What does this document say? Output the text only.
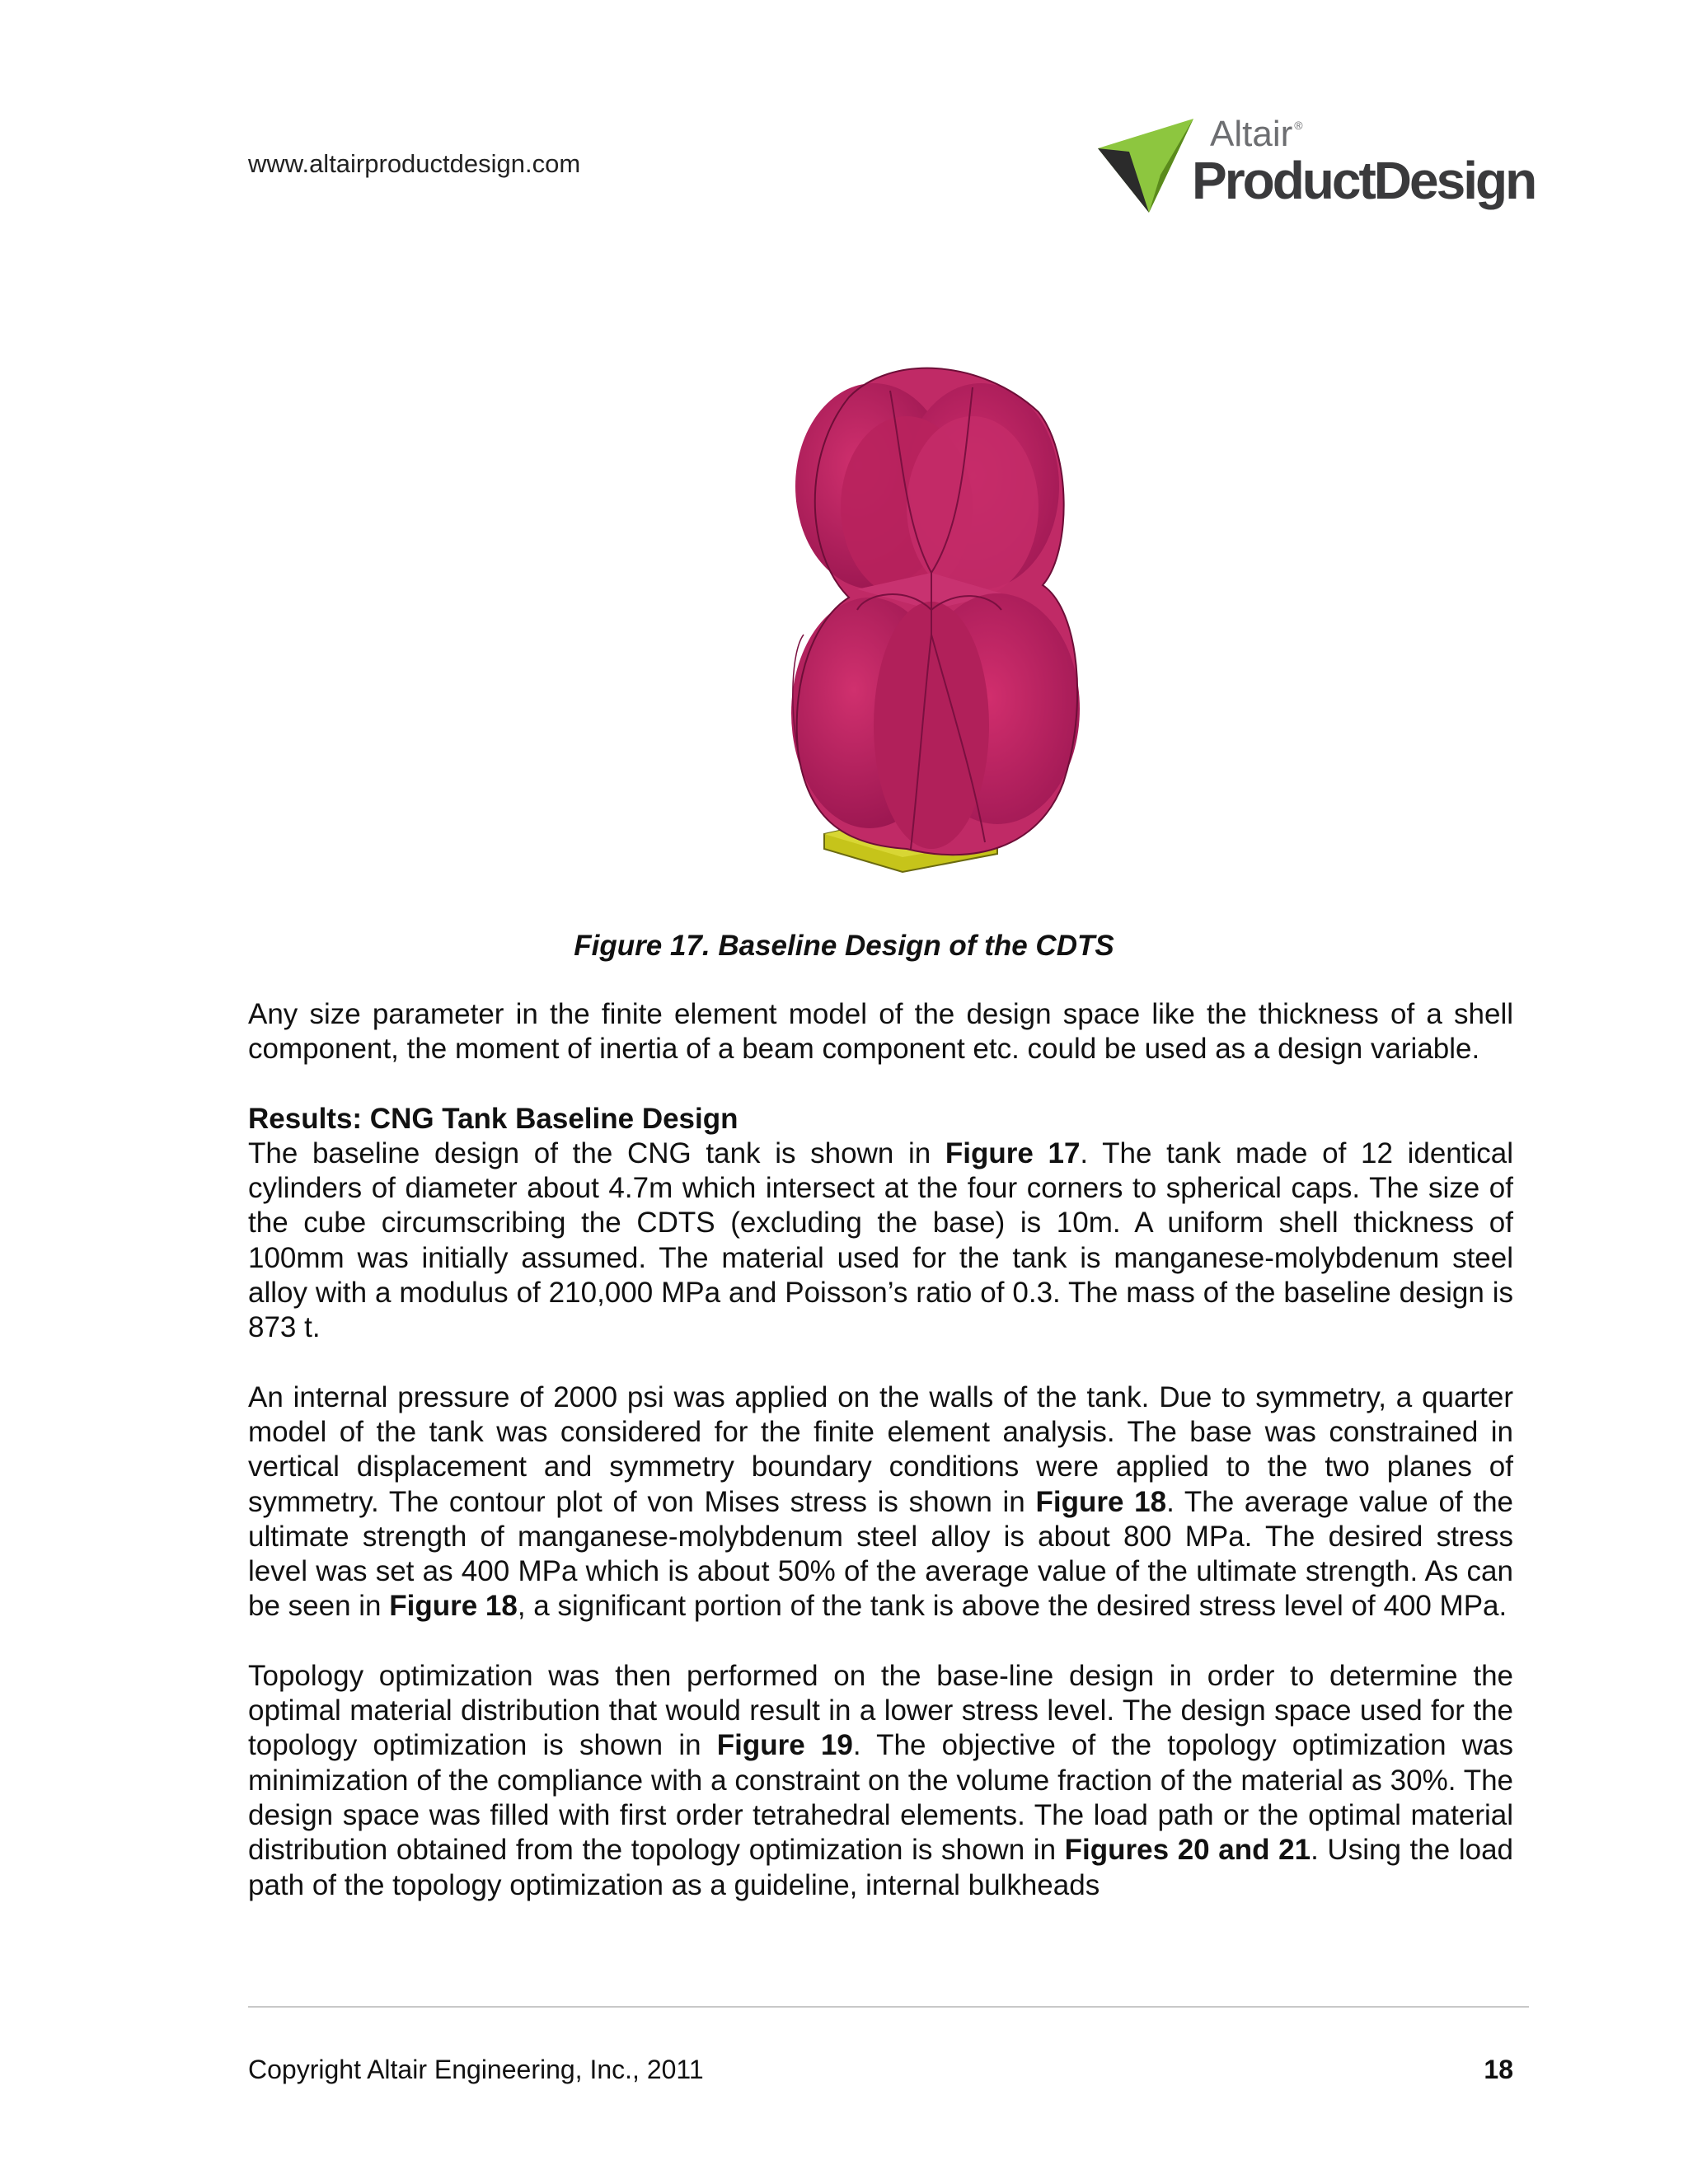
www.altairproductdesign.com
Altair ®
ProductDesign
Figure 17. Baseline Design of the CDTS

Any size parameter in the finite element model of the design space like the thickness of a shell component, the moment of inertia of a beam component etc. could be used as a design variable.

Results: CNG Tank Baseline Design

The baseline design of the CNG tank is shown in Figure 17. The tank made of 12 identical cylinders of diameter about 4.7m which intersect at the four corners to spherical caps. The size of the cube circumscribing the CDTS (excluding the base) is 10m. A uniform shell thickness of 100mm was initially assumed. The material used for the tank is manganese-molybdenum steel alloy with a modulus of 210,000 MPa and Poisson’s ratio of 0.3. The mass of the baseline design is 873 t.

An internal pressure of 2000 psi was applied on the walls of the tank. Due to symmetry, a quarter model of the tank was considered for the finite element analysis. The base was constrained in vertical displacement and symmetry boundary conditions were applied to the two planes of symmetry. The contour plot of von Mises stress is shown in Figure 18. The average value of the ultimate strength of manganese-molybdenum steel alloy is about 800 MPa. The desired stress level was set as 400 MPa which is about 50% of the average value of the ultimate strength. As can be seen in Figure 18, a significant portion of the tank is above the desired stress level of 400 MPa.

Topology optimization was then performed on the base-line design in order to determine the optimal material distribution that would result in a lower stress level. The design space used for the topology optimization is shown in Figure 19. The objective of the topology optimization was minimization of the compliance with a constraint on the volume fraction of the material as 30%. The design space was filled with first order tetrahedral elements. The load path or the optimal material distribution obtained from the topology optimization is shown in Figures 20 and 21. Using the load path of the topology optimization as a guideline, internal bulkheads

Copyright Altair Engineering, Inc., 2011	18
